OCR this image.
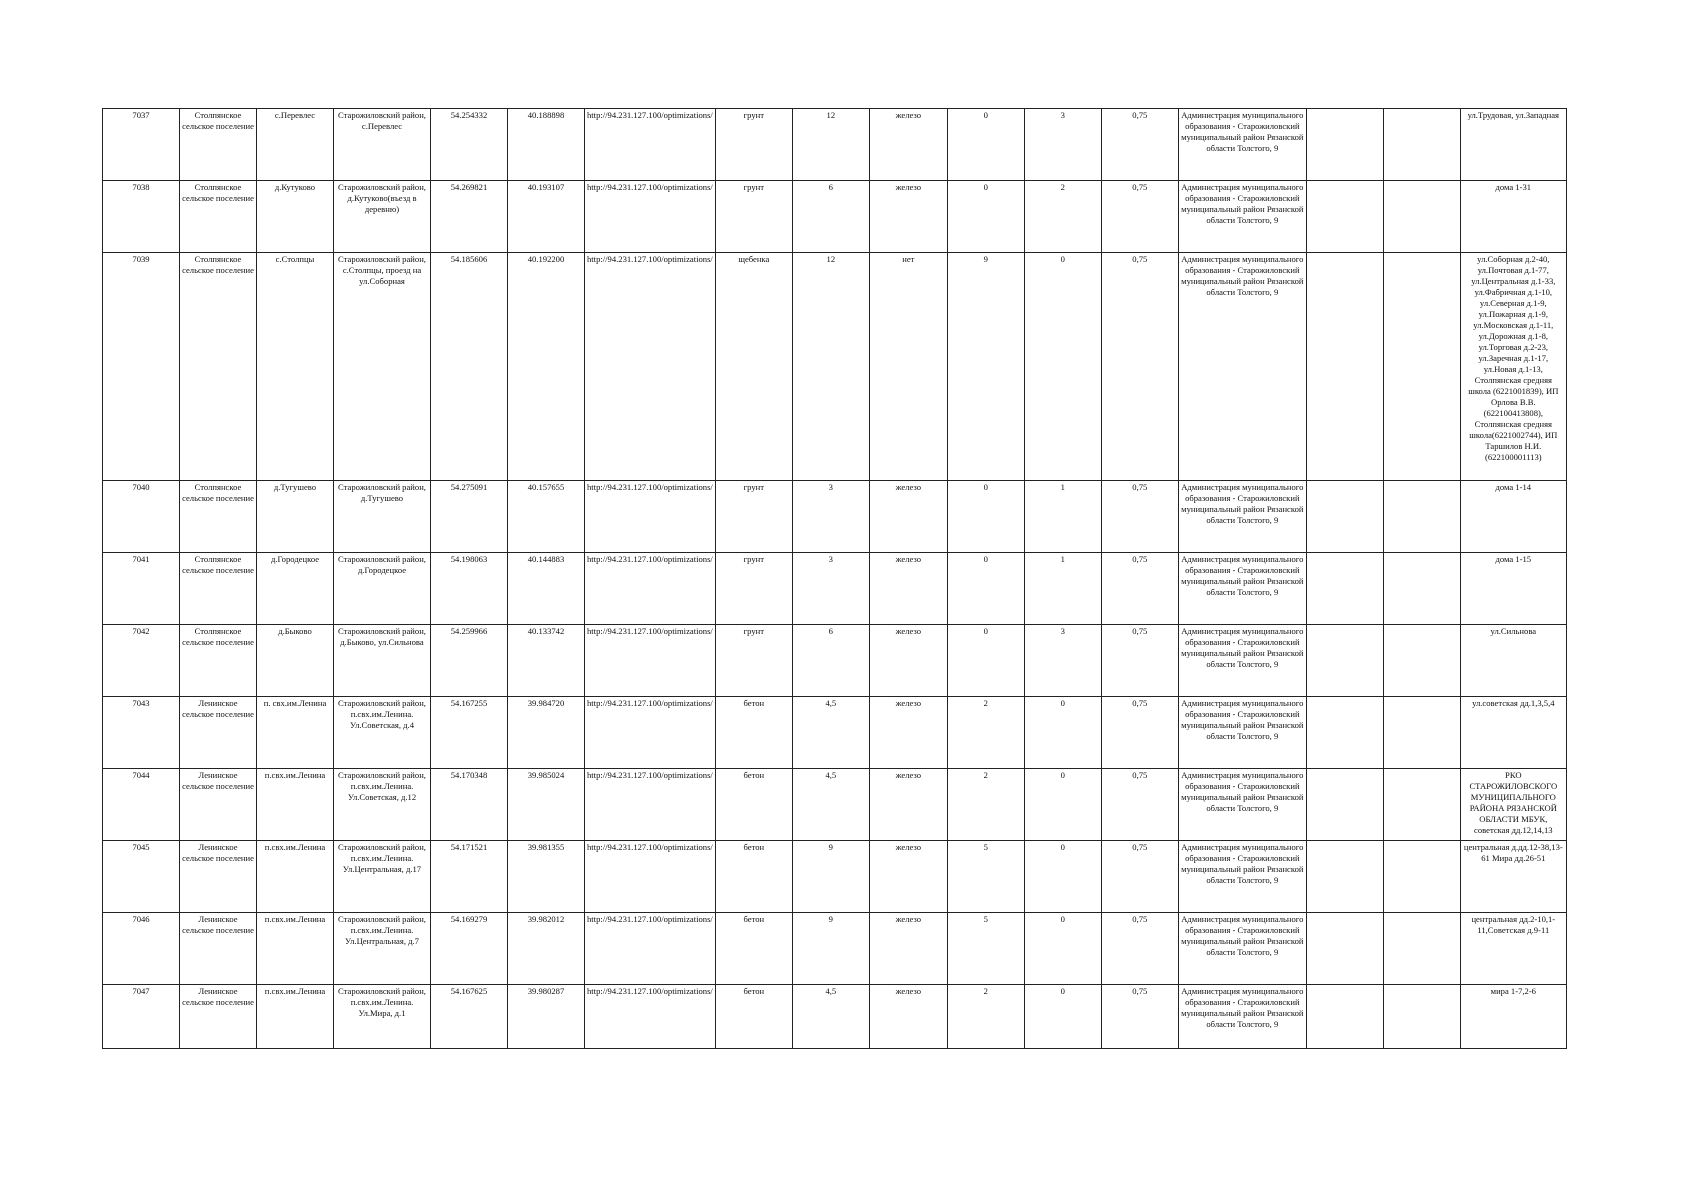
7037	Столпянское сельское поселение	с.Перевлес	Старожиловский район, с.Перевлес	54.254332	40.188898	http://94.231.127.100/optimizations/	грунт	12	железо	0	3	0,75	Администрация муниципального образования - Старожиловский муниципальный район Рязанской области Толстого, 9			ул.Трудовая, ул.Западная
7038	Столпянское сельское поселение	д.Кутуково	Старожиловский район, д.Кутуково(въезд в деревню)	54.269821	40.193107	http://94.231.127.100/optimizations/	грунт	6	железо	0	2	0,75	Администрация муниципального образования - Старожиловский муниципальный район Рязанской области Толстого, 9			дома 1-31
7039	Столпянское сельское поселение	с.Столпцы	Старожиловский район, с.Столпцы, проезд на ул.Соборная	54.185606	40.192200	http://94.231.127.100/optimizations/	щебенка	12	нет	9	0	0,75	Администрация муниципального образования - Старожиловский муниципальный район Рязанской области Толстого, 9			ул.Соборная д.2-40, ул.Почтовая д.1-77, ул.Центральная д.1-33, ул.Фабричная д.1-10, ул.Северная д.1-9, ул.Пожарная д.1-9, ул.Московская д.1-11, ул.Дорожная д.1-8, ул.Торговая д.2-23, ул.Заречная д.1-17, ул.Новая д.1-13, Столпянская средняя школа (6221001839), ИП Орлова В.В.(622100413808), Столпянская средняя школа(6221002744), ИП Таршилов Н.И. (622100001113)
7040	Столпянское сельское поселение	д.Тугушево	Старожиловский район, д.Тугушево	54.275091	40.157655	http://94.231.127.100/optimizations/	грунт	3	железо	0	1	0,75	Администрация муниципального образования - Старожиловский муниципальный район Рязанской области Толстого, 9			дома 1-14
7041	Столпянское сельское поселение	д.Городецкое	Старожиловский район, д.Городецкое	54.198063	40.144883	http://94.231.127.100/optimizations/	грунт	3	железо	0	1	0,75	Администрация муниципального образования - Старожиловский муниципальный район Рязанской области Толстого, 9			дома 1-15
7042	Столпянское сельское поселение	д.Быково	Старожиловский район, д.Быково, ул.Сильнова	54.259966	40.133742	http://94.231.127.100/optimizations/	грунт	6	железо	0	3	0,75	Администрация муниципального образования - Старожиловский муниципальный район Рязанской области Толстого, 9			ул.Сильнова
7043	Ленинское сельское поселение	п. свх.им.Ленина	Старожиловский район, п.свх.им.Ленина. Ул.Советская, д.4	54.167255	39.984720	http://94.231.127.100/optimizations/	бетон	4,5	железо	2	0	0,75	Администрация муниципального образования - Старожиловский муниципальный район Рязанской области Толстого, 9			ул.советская дд.1,3,5,4
7044	Ленинское сельское поселение	п.свх.им.Ленина	Старожиловский район, п.свх.им.Ленина. Ул.Советская, д.12	54.170348	39.985024	http://94.231.127.100/optimizations/	бетон	4,5	железо	2	0	0,75	Администрация муниципального образования - Старожиловский муниципальный район Рязанской области Толстого, 9			РКО СТАРОЖИЛОВСКОГО МУНИЦИПАЛЬНОГО РАЙОНА РЯЗАНСКОЙ ОБЛАСТИ МБУК, советская дд.12,14,13
7045	Ленинское сельское поселение	п.свх.им.Ленина	Старожиловский район, п.свх.им.Ленина. Ул.Центральная, д.17	54.171521	39.981355	http://94.231.127.100/optimizations/	бетон	9	железо	5	0	0,75	Администрация муниципального образования - Старожиловский муниципальный район Рязанской области Толстого, 9			центральная д.дд.12-38,13-61 Мира дд.26-51
7046	Ленинское сельское поселение	п.свх.им.Ленина	Старожиловский район, п.свх.им.Ленина. Ул.Центральная, д.7	54.169279	39.982012	http://94.231.127.100/optimizations/	бетон	9	железо	5	0	0,75	Администрация муниципального образования - Старожиловский муниципальный район Рязанской области Толстого, 9			центральная дд.2-10,1-11,Советская д.9-11
7047	Ленинское сельское поселение	п.свх.им.Ленина	Старожиловский район, п.свх.им.Ленина. Ул.Мира, д.1	54.167625	39.980287	http://94.231.127.100/optimizations/	бетон	4,5	железо	2	0	0,75	Администрация муниципального образования - Старожиловский муниципальный район Рязанской области Толстого, 9			мира 1-7,2-6
